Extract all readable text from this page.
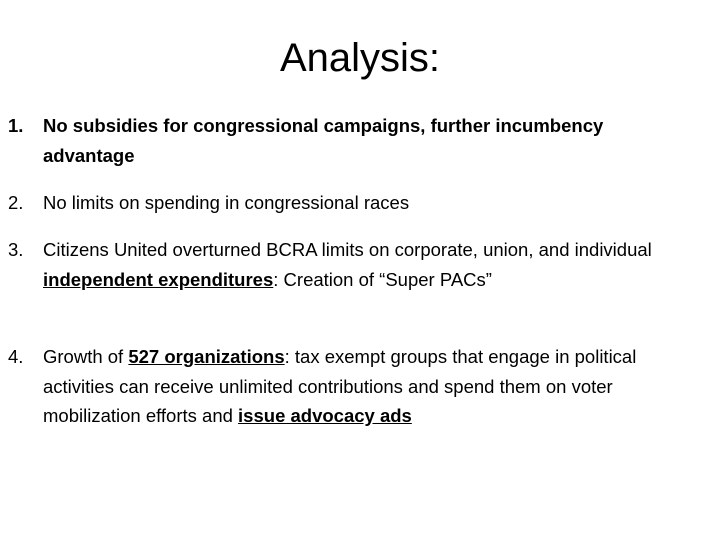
Analysis:
1.	No subsidies for congressional campaigns, further incumbency advantage
2.	No limits on spending in congressional races
3.	Citizens United overturned BCRA limits on corporate, union, and individual independent expenditures: Creation of “Super PACs”
4.	Growth of 527 organizations: tax exempt groups that engage in political activities can receive unlimited contributions and spend them on voter mobilization efforts and issue advocacy ads
